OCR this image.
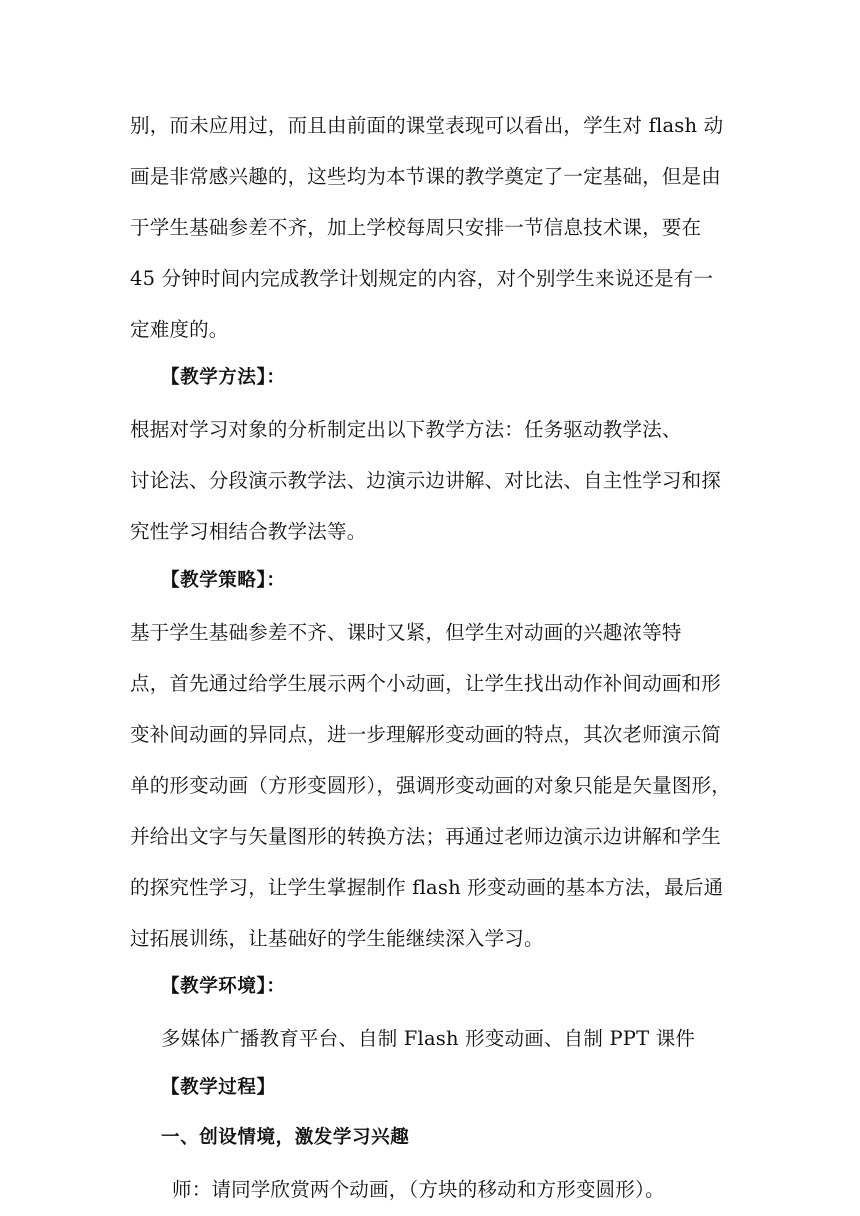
别，而未应用过，而且由前面的课堂表现可以看出，学生对 flash 动
画是非常感兴趣的，这些均为本节课的教学奠定了一定基础，但是由
于学生基础参差不齐，加上学校每周只安排一节信息技术课，要在
45 分钟时间内完成教学计划规定的内容，对个别学生来说还是有一
定难度的。
【教学方法】：
根据对学习对象的分析制定出以下教学方法：任务驱动教学法、
讨论法、分段演示教学法、边演示边讲解、对比法、自主性学习和探
究性学习相结合教学法等。
【教学策略】：
基于学生基础参差不齐、课时又紧，但学生对动画的兴趣浓等特
点，首先通过给学生展示两个小动画，让学生找出动作补间动画和形
变补间动画的异同点，进一步理解形变动画的特点，其次老师演示简
单的形变动画（方形变圆形），强调形变动画的对象只能是矢量图形，
并给出文字与矢量图形的转换方法；再通过老师边演示边讲解和学生
的探究性学习，让学生掌握制作 flash 形变动画的基本方法，最后通
过拓展训练，让基础好的学生能继续深入学习。
【教学环境】：
多媒体广播教育平台、自制 Flash 形变动画、自制 PPT 课件
【教学过程】
一、创设情境，激发学习兴趣
师：请同学欣赏两个动画，（方块的移动和方形变圆形）。
